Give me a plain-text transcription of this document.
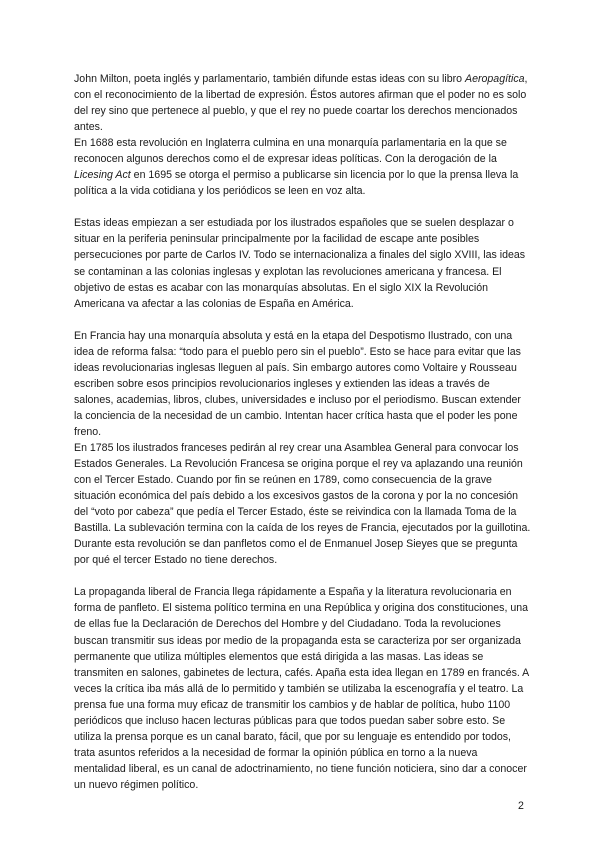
John Milton, poeta inglés y parlamentario, también difunde estas ideas con su libro Aeropagítica, con el reconocimiento de la libertad de expresión. Éstos autores afirman que el poder no es solo del rey sino que pertenece al pueblo, y que el rey no puede coartar los derechos mencionados antes.

En 1688 esta revolución en Inglaterra culmina en una monarquía parlamentaria en la que se reconocen algunos derechos como el de expresar ideas políticas. Con la derogación de la Licesing Act en 1695 se otorga el permiso a publicarse sin licencia por lo que la prensa lleva la política a la vida cotidiana y los periódicos se leen en voz alta.

Estas ideas empiezan a ser estudiada por los ilustrados españoles que se suelen desplazar o situar en la periferia peninsular principalmente por la facilidad de escape ante posibles persecuciones por parte de Carlos IV. Todo se internacionaliza a finales del siglo XVIII, las ideas se contaminan a las colonias inglesas y explotan las revoluciones americana y francesa. El objetivo de estas es acabar con las monarquías absolutas. En el siglo XIX la Revolución Americana va afectar a las colonias de España en América.

En Francia hay una monarquía absoluta y está en la etapa del Despotismo Ilustrado, con una idea de reforma falsa: “todo para el pueblo pero sin el pueblo”. Esto se hace para evitar que las ideas revolucionarias inglesas lleguen al país. Sin embargo autores como Voltaire y Rousseau escriben sobre esos principios revolucionarios ingleses y extienden las ideas a través de salones, academias, libros, clubes, universidades e incluso por el periodismo. Buscan extender la conciencia de la necesidad de un cambio. Intentan hacer crítica hasta que el poder les pone freno.

En 1785 los ilustrados franceses pedirán al rey crear una Asamblea General para convocar los Estados Generales. La Revolución Francesa se origina porque el rey va aplazando una reunión con el Tercer Estado. Cuando por fin se reúnen en 1789, como consecuencia de la grave situación económica del país debido a los excesivos gastos de la corona y por la no concesión del “voto por cabeza” que pedía el Tercer Estado, éste se reivindica con la llamada Toma de la Bastilla. La sublevación termina con la caída de los reyes de Francia, ejecutados por la guillotina. Durante esta revolución se dan panfletos como el de Enmanuel Josep Sieyes que se pregunta por qué el tercer Estado no tiene derechos.

La propaganda liberal de Francia llega rápidamente a España y la literatura revolucionaria en forma de panfleto. El sistema político termina en una República y origina dos constituciones, una de ellas fue la Declaración de Derechos del Hombre y del Ciudadano. Toda la revoluciones buscan transmitir sus ideas por medio de la propaganda esta se caracteriza por ser organizada permanente que utiliza múltiples elementos que está dirigida a las masas. Las ideas se transmiten en salones, gabinetes de lectura, cafés. Apaña esta idea llegan en 1789 en francés. A veces la crítica iba más allá de lo permitido y también se utilizaba la escenografía y el teatro. La prensa fue una forma muy eficaz de transmitir los cambios y de hablar de política, hubo 1100 periódicos que incluso hacen lecturas públicas para que todos puedan saber sobre esto. Se utiliza la prensa porque es un canal barato, fácil, que por su lenguaje es entendido por todos, trata asuntos referidos a la necesidad de formar la opinión pública en torno a la nueva mentalidad liberal, es un canal de adoctrinamiento, no tiene función noticiera, sino dar a conocer un nuevo régimen político.

2
